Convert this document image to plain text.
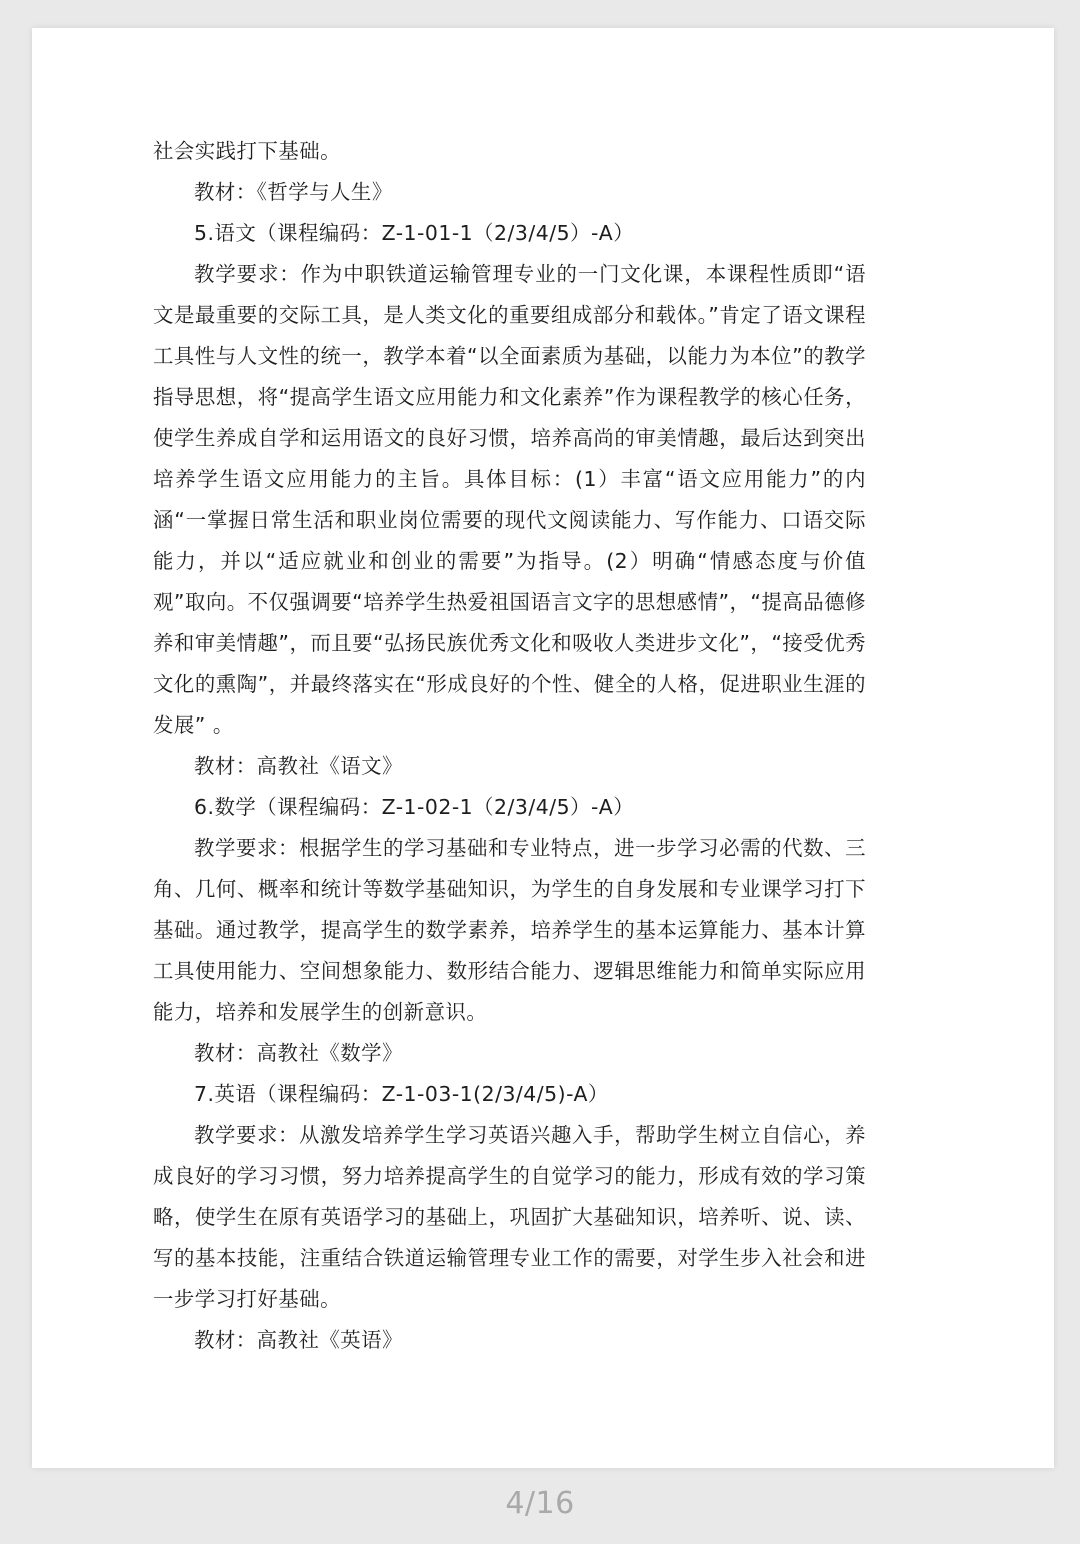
社会实践打下基础。

教材：《哲学与人生》

5.语文（课程编码：Z-1-01-1（2/3/4/5）-A）

教学要求：作为中职铁道运输管理专业的一门文化课，本课程性质即“语文是最重要的交际工具，是人类文化的重要组成部分和载体。”肯定了语文课程工具性与人文性的统一，教学本着“以全面素质为基础，以能力为本位”的教学指导思想，将“提高学生语文应用能力和文化素养”作为课程教学的核心任务，使学生养成自学和运用语文的良好习惯，培养高尚的审美情趣，最后达到突出培养学生语文应用能力的主旨。具体目标：(1）丰富“语文应用能力”的内涵“一掌握日常生活和职业岗位需要的现代文阅读能力、写作能力、口语交际能力，并以“适应就业和创业的需要”为指导。(2）明确“情感态度与价值观”取向。不仅强调要“培养学生热爱祖国语言文字的思想感情”，“提高品德修养和审美情趣”，而且要“弘扬民族优秀文化和吸收人类进步文化”，“接受优秀文化的熏陶”，并最终落实在“形成良好的个性、健全的人格，促进职业生涯的发展” 。

教材：高教社《语文》

6.数学（课程编码：Z-1-02-1（2/3/4/5）-A）

教学要求：根据学生的学习基础和专业特点，进一步学习必需的代数、三角、几何、概率和统计等数学基础知识，为学生的自身发展和专业课学习打下基础。通过教学，提高学生的数学素养，培养学生的基本运算能力、基本计算工具使用能力、空间想象能力、数形结合能力、逻辑思维能力和简单实际应用能力，培养和发展学生的创新意识。

教材：高教社《数学》

7.英语（课程编码：Z-1-03-1(2/3/4/5)-A）

教学要求：从激发培养学生学习英语兴趣入手，帮助学生树立自信心，养成良好的学习习惯，努力培养提高学生的自觉学习的能力，形成有效的学习策略，使学生在原有英语学习的基础上，巩固扩大基础知识，培养听、说、读、写的基本技能，注重结合铁道运输管理专业工作的需要，对学生步入社会和进一步学习打好基础。

教材：高教社《英语》

4/16
